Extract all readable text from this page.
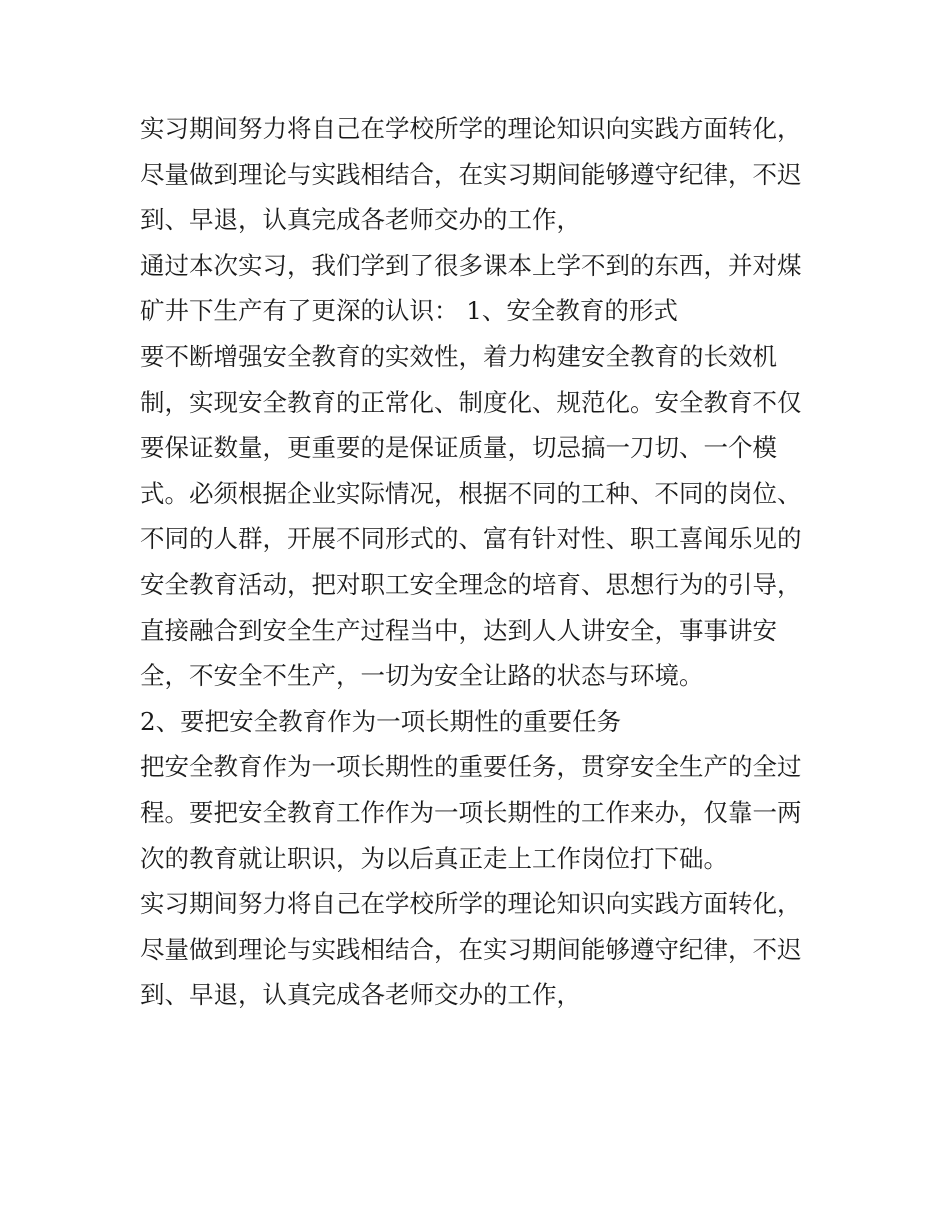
实习期间努力将自己在学校所学的理论知识向实践方面转化，
尽量做到理论与实践相结合，在实习期间能够遵守纪律，不迟
到、早退，认真完成各老师交办的工作，
通过本次实习，我们学到了很多课本上学不到的东西，并对煤
矿井下生产有了更深的认识： 1、安全教育的形式
要不断增强安全教育的实效性，着力构建安全教育的长效机
制，实现安全教育的正常化、制度化、规范化。安全教育不仅
要保证数量，更重要的是保证质量，切忌搞一刀切、一个模
式。必须根据企业实际情况，根据不同的工种、不同的岗位、
不同的人群，开展不同形式的、富有针对性、职工喜闻乐见的
安全教育活动，把对职工安全理念的培育、思想行为的引导，
直接融合到安全生产过程当中，达到人人讲安全，事事讲安
全，不安全不生产，一切为安全让路的状态与环境。
2、要把安全教育作为一项长期性的重要任务
把安全教育作为一项长期性的重要任务，贯穿安全生产的全过
程。要把安全教育工作作为一项长期性的工作来办，仅靠一两
次的教育就让职识，为以后真正走上工作岗位打下础。
实习期间努力将自己在学校所学的理论知识向实践方面转化，
尽量做到理论与实践相结合，在实习期间能够遵守纪律，不迟
到、早退，认真完成各老师交办的工作，
